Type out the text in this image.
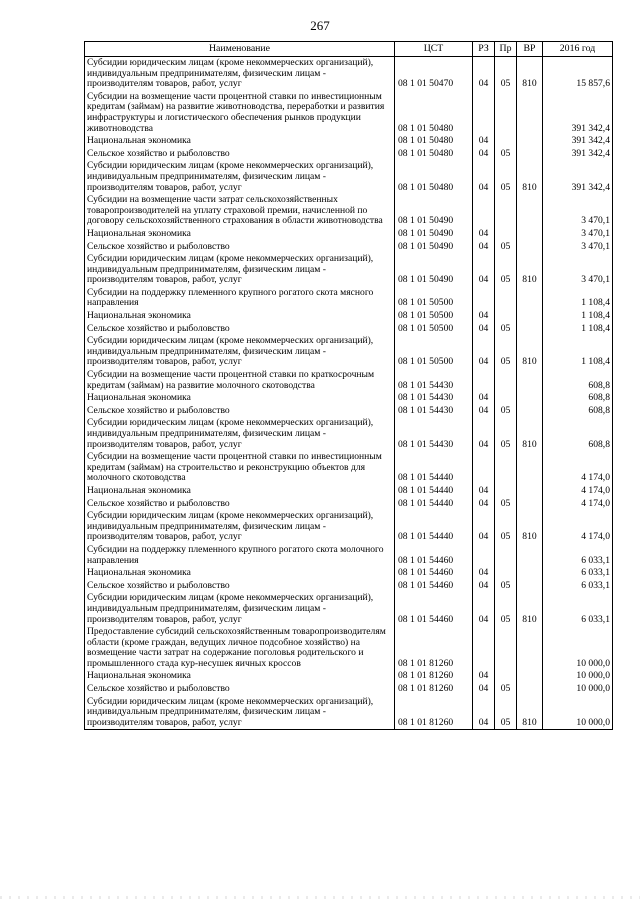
267
Наименование	ЦСТ	РЗ	Пр	ВР	2016 год
Субсидии юридическим лицам (кроме некоммерческих организаций), индивидуальным предпринимателям, физическим лицам - производителям товаров, работ, услуг	08 1 01 50470	04	05	810	15 857,6
Субсидии на возмещение части процентной ставки по инвестиционным кредитам (займам) на развитие животноводства, переработки и развития инфраструктуры и логистического обеспечения рынков продукции животноводства	08 1 01 50480				391 342,4
Национальная экономика	08 1 01 50480	04			391 342,4
Сельское хозяйство и рыболовство	08 1 01 50480	04	05		391 342,4
Субсидии юридическим лицам (кроме некоммерческих организаций), индивидуальным предпринимателям, физическим лицам - производителям товаров, работ, услуг	08 1 01 50480	04	05	810	391 342,4
Субсидии на возмещение части затрат сельскохозяйственных товаропроизводителей на уплату страховой премии, начисленной по договору сельскохозяйственного страхования в области животноводства	08 1 01 50490				3 470,1
Национальная экономика	08 1 01 50490	04			3 470,1
Сельское хозяйство и рыболовство	08 1 01 50490	04	05		3 470,1
Субсидии юридическим лицам (кроме некоммерческих организаций), индивидуальным предпринимателям, физическим лицам - производителям товаров, работ, услуг	08 1 01 50490	04	05	810	3 470,1
Субсидии на поддержку племенного крупного рогатого скота мясного направления	08 1 01 50500				1 108,4
Национальная экономика	08 1 01 50500	04			1 108,4
Сельское хозяйство и рыболовство	08 1 01 50500	04	05		1 108,4
Субсидии юридическим лицам (кроме некоммерческих организаций), индивидуальным предпринимателям, физическим лицам - производителям товаров, работ, услуг	08 1 01 50500	04	05	810	1 108,4
Субсидии на возмещение части процентной ставки по краткосрочным кредитам (займам) на развитие молочного скотоводства	08 1 01 54430				608,8
Национальная экономика	08 1 01 54430	04			608,8
Сельское хозяйство и рыболовство	08 1 01 54430	04	05		608,8
Субсидии юридическим лицам (кроме некоммерческих организаций), индивидуальным предпринимателям, физическим лицам - производителям товаров, работ, услуг	08 1 01 54430	04	05	810	608,8
Субсидии на возмещение части процентной ставки по инвестиционным кредитам (займам) на строительство и реконструкцию объектов для молочного скотоводства	08 1 01 54440				4 174,0
Национальная экономика	08 1 01 54440	04			4 174,0
Сельское хозяйство и рыболовство	08 1 01 54440	04	05		4 174,0
Субсидии юридическим лицам (кроме некоммерческих организаций), индивидуальным предпринимателям, физическим лицам - производителям товаров, работ, услуг	08 1 01 54440	04	05	810	4 174,0
Субсидии на поддержку племенного крупного рогатого скота молочного направления	08 1 01 54460				6 033,1
Национальная экономика	08 1 01 54460	04			6 033,1
Сельское хозяйство и рыболовство	08 1 01 54460	04	05		6 033,1
Субсидии юридическим лицам (кроме некоммерческих организаций), индивидуальным предпринимателям, физическим лицам - производителям товаров, работ, услуг	08 1 01 54460	04	05	810	6 033,1
Предоставление субсидий сельскохозяйственным товаропроизводителям области (кроме граждан, ведущих личное подсобное хозяйство) на возмещение части затрат на содержание поголовья родительского и промышленного стада кур-несушек яичных кроссов	08 1 01 81260				10 000,0
Национальная экономика	08 1 01 81260	04			10 000,0
Сельское хозяйство и рыболовство	08 1 01 81260	04	05		10 000,0
Субсидии юридическим лицам (кроме некоммерческих организаций), индивидуальным предпринимателям, физическим лицам - производителям товаров, работ, услуг	08 1 01 81260	04	05	810	10 000,0
